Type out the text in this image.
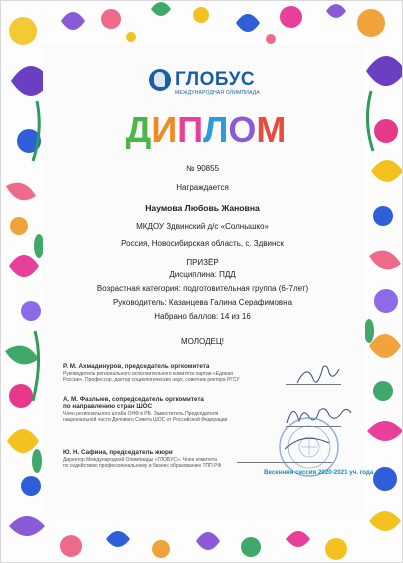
ГЛОБУС
МЕЖДУНАРОДНАЯ ОЛИМПИАДА
ДИПЛОМ
№ 90855
Награждается
Наумова Любовь Жановна
МКДОУ Здвинский д/с «Солнышко»
Россия, Новосибирская область, с. Здвинск
ПРИЗЁР
Дисциплина: ПДД
Возрастная категория: подготовительная группа (6-7лет)
Руководитель: Казанцева Галина Серафимовна
Набрано баллов: 14 из 16
МОЛОДЕЦ!
Р. М. Ахмадинуров, председатель оргкомитета
Руководитель регионального исполнительного комитета партии «Единая
России». Профессор, доктор социологических наук, советник ректора РГСУ
А. М. Фазлыев, сопредседатель оргкомитета
по направлению стран ШОС
Член регионального штаба ОНФ в РБ. Заместитель Председателя
национальной части Делового Совета ШОС от Российской Федерации
Ю. Н. Сафина, председатель жюри
Директор Международной Олимпиады «ГЛОБУС». Член комитета
по содействию профессиональному и бизнес образованию ТПП РФ
Весенняя сессия 2020-2021 уч. года
